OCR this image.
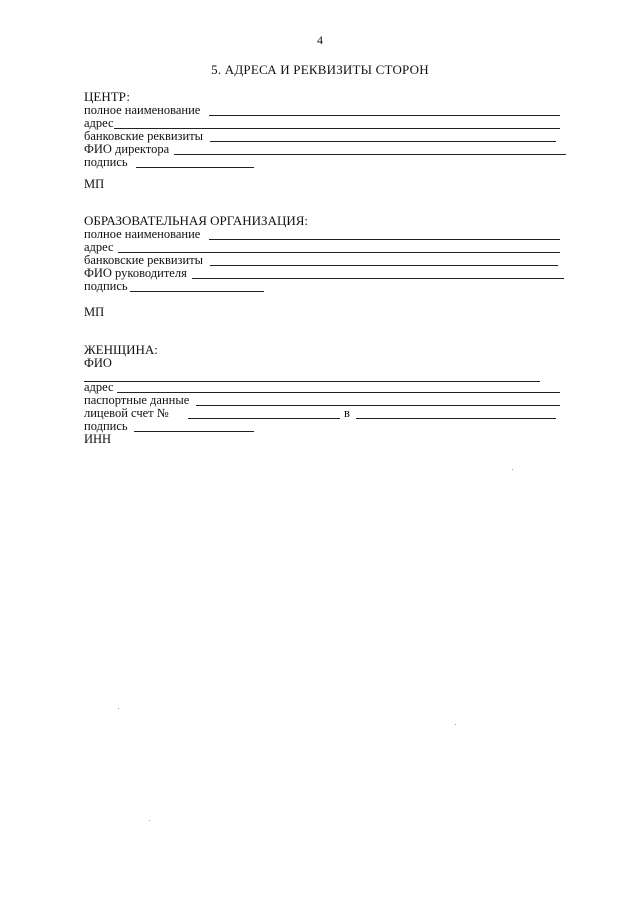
4
5. АДРЕСА И РЕКВИЗИТЫ СТОРОН
ЦЕНТР:
полное наименование
адрес
банковские реквизиты
ФИО директора
подпись
МП
ОБРАЗОВАТЕЛЬНАЯ ОРГАНИЗАЦИЯ:
полное наименование
адрес
банковские реквизиты
ФИО руководителя
подпись
МП
ЖЕНЩИНА:
ФИО
адрес
паспортные данные
лицевой счет №	в
подпись
ИНН
